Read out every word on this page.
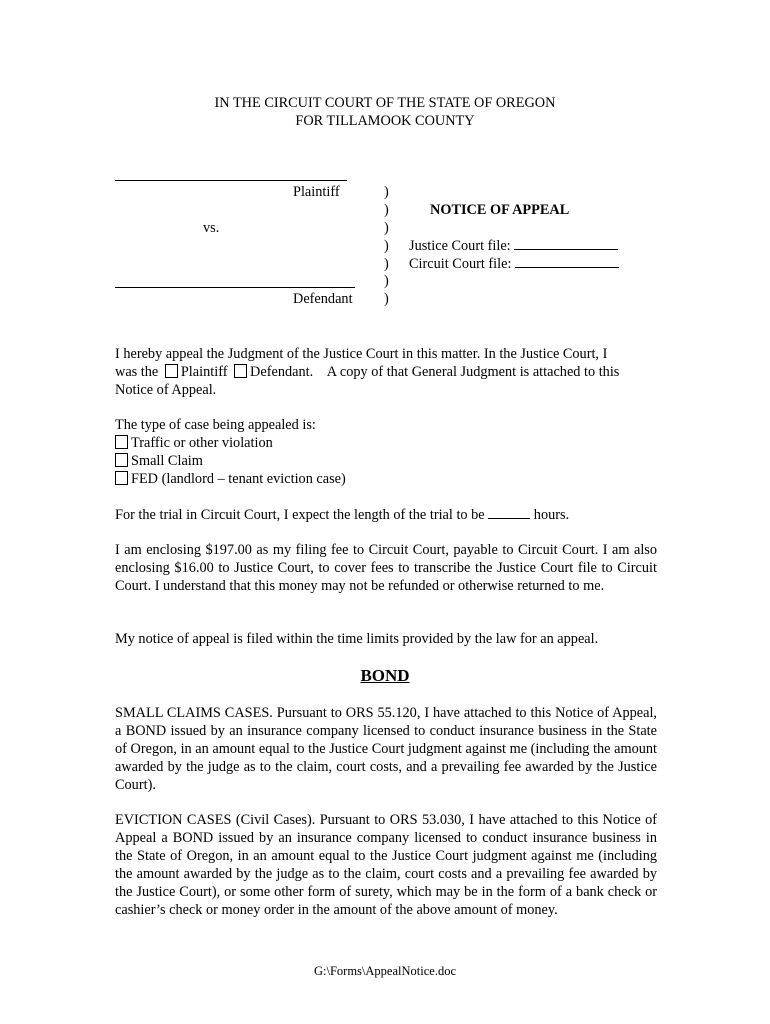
IN THE CIRCUIT COURT OF THE STATE OF OREGON
FOR TILLAMOOK COUNTY
Plaintiff
vs.
Defendant
)
)
)
)
)
)
)
NOTICE OF APPEAL
Justice Court file:
Circuit Court file:
I hereby appeal the Judgment of the Justice Court in this matter. In the Justice Court, I
was the Plaintiff Defendant. A copy of that General Judgment is attached to this
Notice of Appeal.
The type of case being appealed is:
Traffic or other violation
Small Claim
FED (landlord – tenant eviction case)
For the trial in Circuit Court, I expect the length of the trial to be	hours.
I am enclosing $197.00 as my filing fee to Circuit Court, payable to Circuit Court. I am also enclosing $16.00 to Justice Court, to cover fees to transcribe the Justice Court file to Circuit Court. I understand that this money may not be refunded or otherwise returned to me.
My notice of appeal is filed within the time limits provided by the law for an appeal.
BOND
SMALL CLAIMS CASES. Pursuant to ORS 55.120, I have attached to this Notice of Appeal, a BOND issued by an insurance company licensed to conduct insurance business in the State of Oregon, in an amount equal to the Justice Court judgment against me (including the amount awarded by the judge as to the claim, court costs, and a prevailing fee awarded by the Justice Court).
EVICTION CASES (Civil Cases). Pursuant to ORS 53.030, I have attached to this Notice of Appeal a BOND issued by an insurance company licensed to conduct insurance business in the State of Oregon, in an amount equal to the Justice Court judgment against me (including the amount awarded by the judge as to the claim, court costs and a prevailing fee awarded by the Justice Court), or some other form of surety, which may be in the form of a bank check or cashier’s check or money order in the amount of the above amount of money.
G:\Forms\AppealNotice.doc
